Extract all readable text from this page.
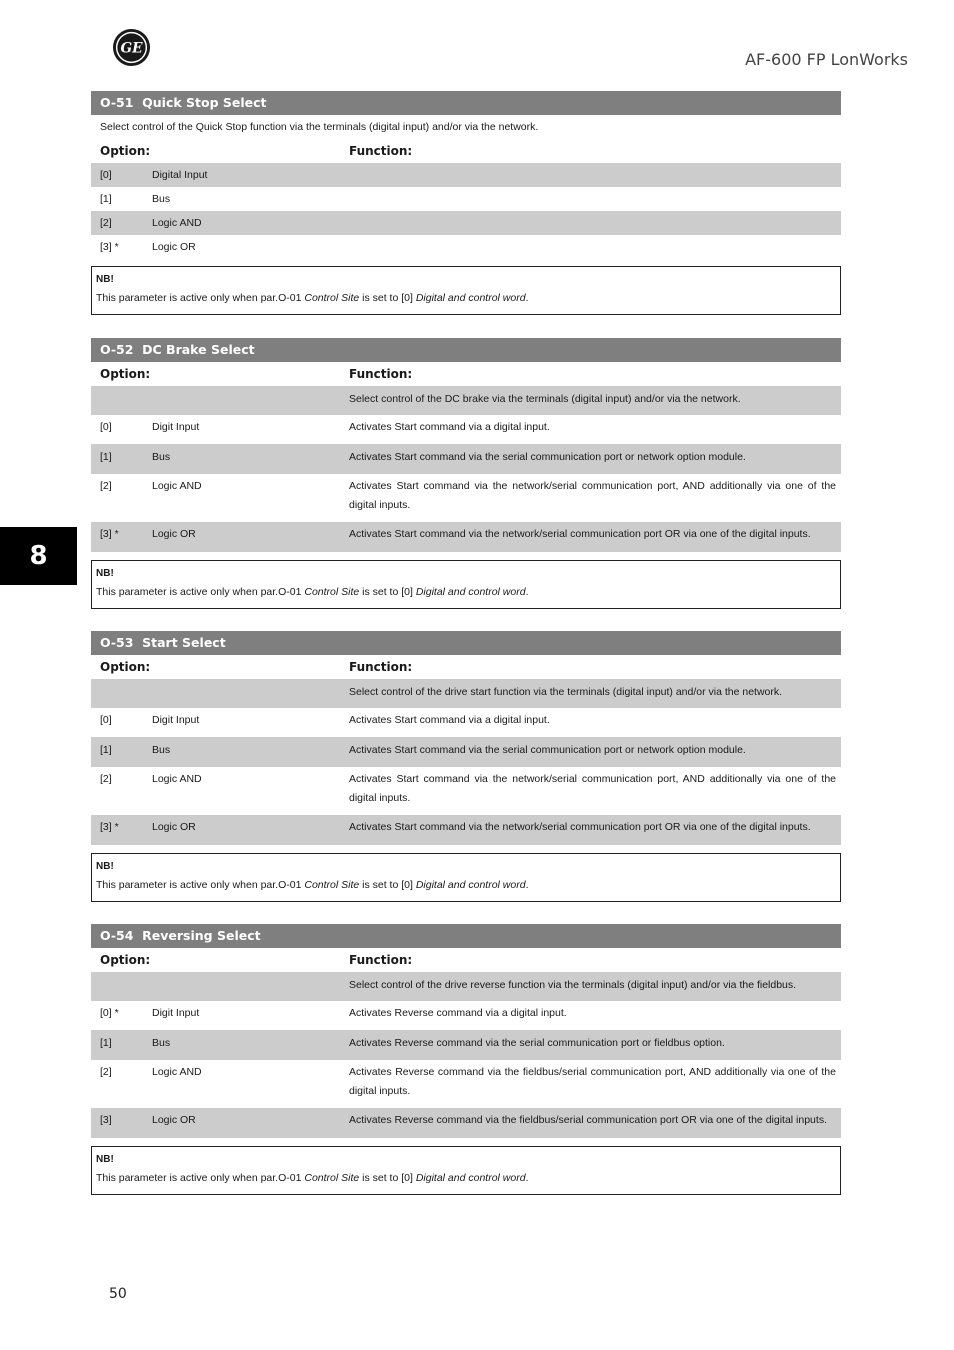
GE
AF-600 FP LonWorks
8
O-51  Quick Stop Select
Select control of the Quick Stop function via the terminals (digital input) and/or via the network.
Option:	Function:
[0]	Digital Input
[1]	Bus
[2]	Logic AND
[3] *	Logic OR
NB!
This parameter is active only when par.O-01 Control Site is set to [0] Digital and control word.
O-52  DC Brake Select
Option:	Function:
Select control of the DC brake via the terminals (digital input) and/or via the network.
[0]	Digit Input	Activates Start command via a digital input.
[1]	Bus	Activates Start command via the serial communication port or network option module.
[2]	Logic AND	Activates Start command via the network/serial communication port, AND additionally via one of the digital inputs.
[3] *	Logic OR	Activates Start command via the network/serial communication port OR via one of the digital inputs.
NB!
This parameter is active only when par.O-01 Control Site is set to [0] Digital and control word.
O-53  Start Select
Option:	Function:
Select control of the drive start function via the terminals (digital input) and/or via the network.
[0]	Digit Input	Activates Start command via a digital input.
[1]	Bus	Activates Start command via the serial communication port or network option module.
[2]	Logic AND	Activates Start command via the network/serial communication port, AND additionally via one of the digital inputs.
[3] *	Logic OR	Activates Start command via the network/serial communication port OR via one of the digital inputs.
NB!
This parameter is active only when par.O-01 Control Site is set to [0] Digital and control word.
O-54  Reversing Select
Option:	Function:
Select control of the drive reverse function via the terminals (digital input) and/or via the fieldbus.
[0] *	Digit Input	Activates Reverse command via a digital input.
[1]	Bus	Activates Reverse command via the serial communication port or fieldbus option.
[2]	Logic AND	Activates Reverse command via the fieldbus/serial communication port, AND additionally via one of the digital inputs.
[3]	Logic OR	Activates Reverse command via the fieldbus/serial communication port OR via one of the digital inputs.
NB!
This parameter is active only when par.O-01 Control Site is set to [0] Digital and control word.
50
